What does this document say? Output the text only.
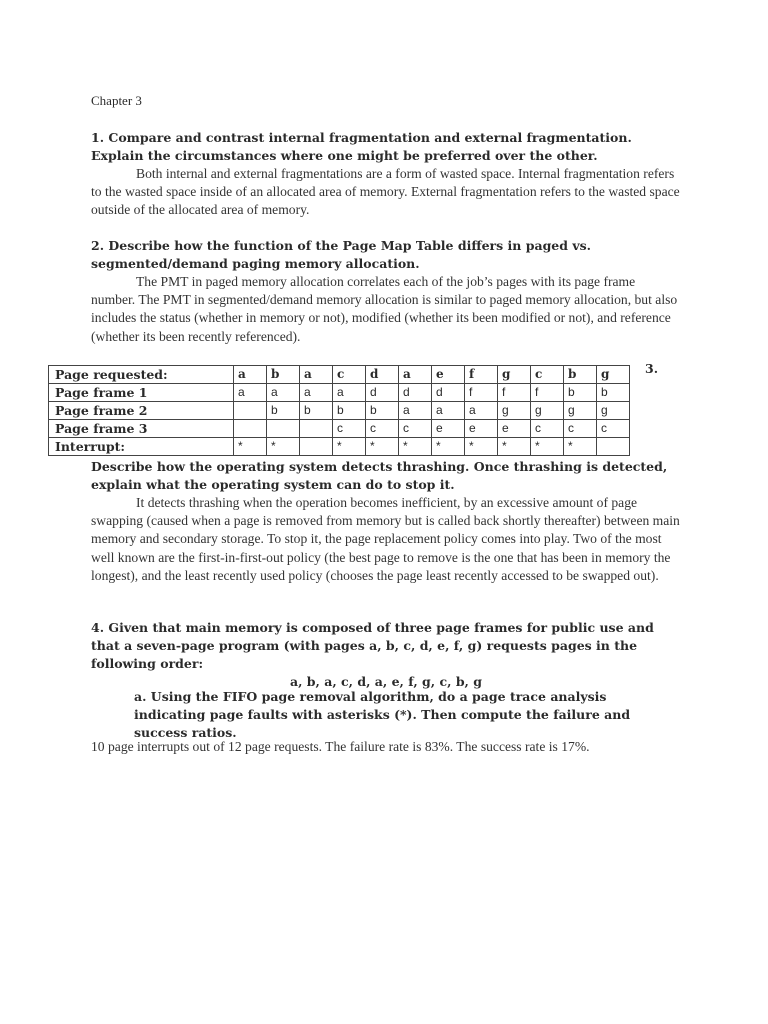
Chapter 3

1. Compare and contrast internal fragmentation and external fragmentation. Explain the circumstances where one might be preferred over the other.

Both internal and external fragmentations are a form of wasted space. Internal fragmentation refers to the wasted space inside of an allocated area of memory. External fragmentation refers to the wasted space outside of the allocated area of memory.

2. Describe how the function of the Page Map Table differs in paged vs. segmented/demand paging memory allocation.

The PMT in paged memory allocation correlates each of the job’s pages with its page frame number. The PMT in segmented/demand memory allocation is similar to paged memory allocation, but also includes the status (whether in memory or not), modified (whether its been modified or not), and reference (whether its been recently referenced).

Page requested:	a	b	a	c	d	a	e	f	g	c	b	g
Page frame 1	a	a	a	a	d	d	d	f	f	f	b	b
Page frame 2		b	b	b	b	a	a	a	g	g	g	g
Page frame 3				c	c	c	e	e	e	c	c	c
Interrupt:	*	*		*	*	*	*	*	*	*	*	
3.

Describe how the operating system detects thrashing. Once thrashing is detected, explain what the operating system can do to stop it.

It detects thrashing when the operation becomes inefficient, by an excessive amount of page swapping (caused when a page is removed from memory but is called back shortly thereafter) between main memory and secondary storage. To stop it, the page replacement policy comes into play. Two of the most well known are the first-in-first-out policy (the best page to remove is the one that has been in memory the longest), and the least recently used policy (chooses the page least recently accessed to be swapped out).

4. Given that main memory is composed of three page frames for public use and that a seven-page program (with pages a, b, c, d, e, f, g) requests pages in the following order:

a, b, a, c, d, a, e, f, g, c, b, g

a. Using the FIFO page removal algorithm, do a page trace analysis indicating page faults with asterisks (*). Then compute the failure and success ratios.

10 page interrupts out of 12 page requests. The failure rate is 83%. The success rate is 17%.
